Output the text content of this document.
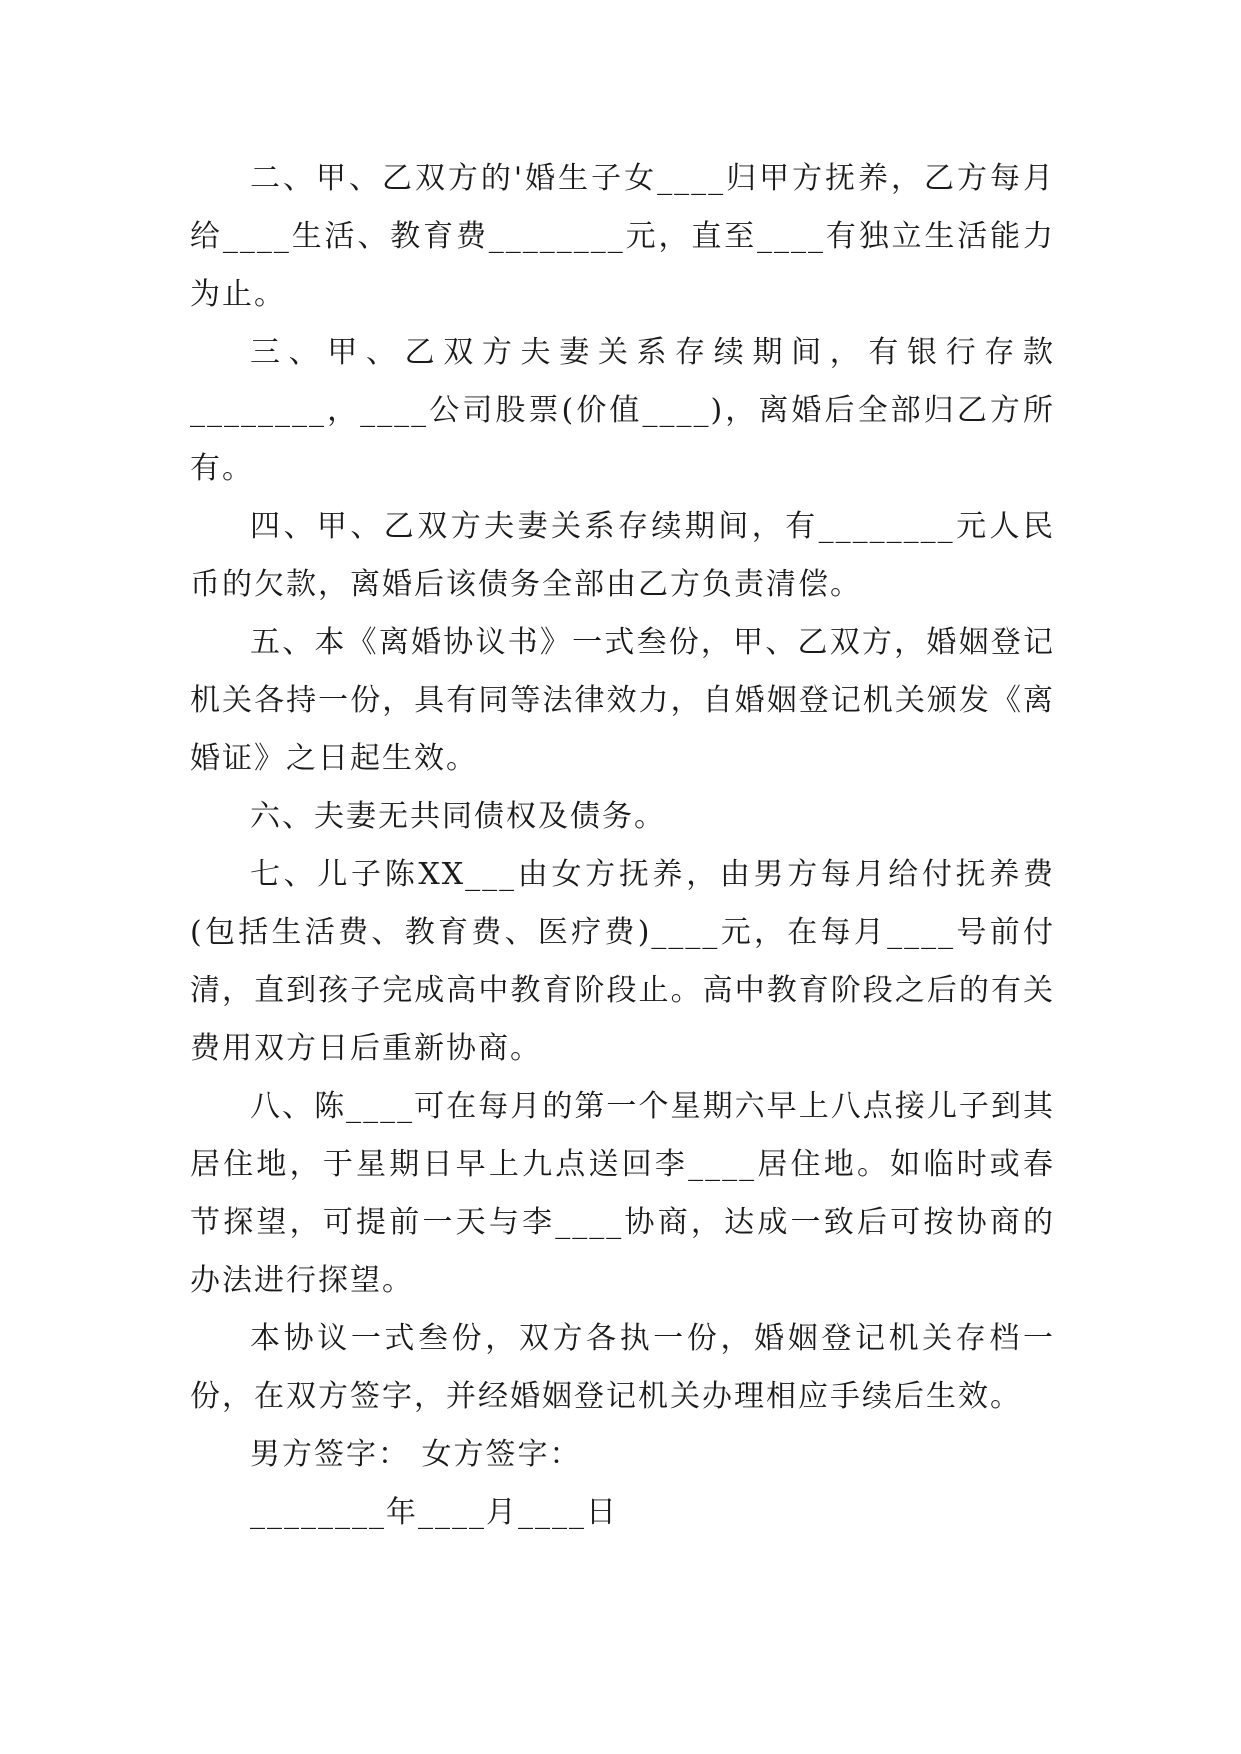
二、甲、乙双方的'婚生子女____归甲方抚养，乙方每月给____生活、教育费________元，直至____有独立生活能力为止。

三、甲、乙双方夫妻关系存续期间，有银行存款________，____公司股票(价值____)，离婚后全部归乙方所有。

四、甲、乙双方夫妻关系存续期间，有________元人民币的欠款，离婚后该债务全部由乙方负责清偿。

五、本《离婚协议书》一式叁份，甲、乙双方，婚姻登记机关各持一份，具有同等法律效力，自婚姻登记机关颁发《离婚证》之日起生效。

六、夫妻无共同债权及债务。

七、儿子陈XX___由女方抚养，由男方每月给付抚养费(包括生活费、教育费、医疗费)____元，在每月____号前付清，直到孩子完成高中教育阶段止。高中教育阶段之后的有关费用双方日后重新协商。

八、陈____可在每月的第一个星期六早上八点接儿子到其居住地，于星期日早上九点送回李____居住地。如临时或春节探望，可提前一天与李____协商，达成一致后可按协商的办法进行探望。

本协议一式叁份，双方各执一份，婚姻登记机关存档一份，在双方签字，并经婚姻登记机关办理相应手续后生效。

男方签字： 女方签字：

________年____月____日
